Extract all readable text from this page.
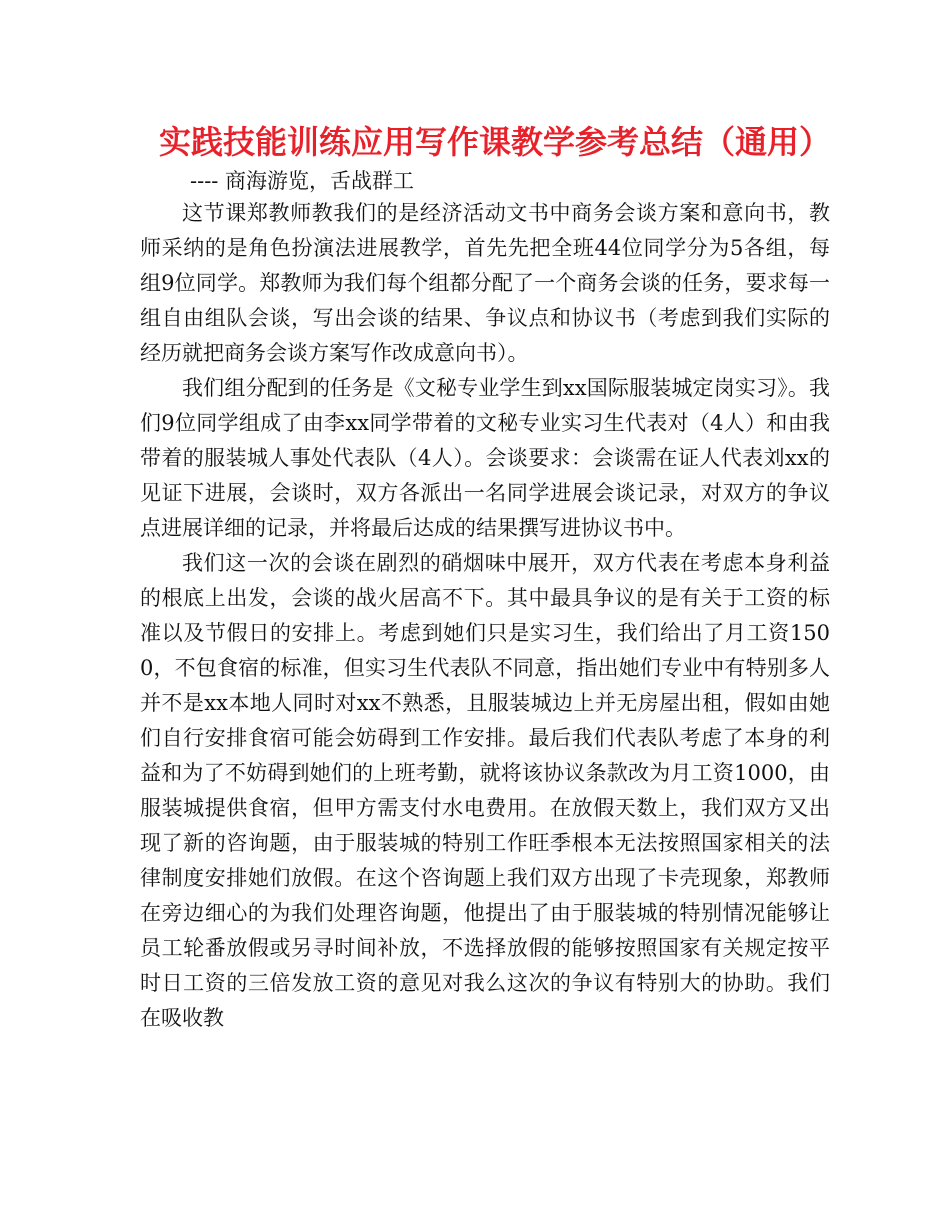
实践技能训练应用写作课教学参考总结（通用）

---- 商海游览，舌战群工

这节课郑教师教我们的是经济活动文书中商务会谈方案和意向书，教师采纳的是角色扮演法进展教学，首先先把全班44位同学分为5各组，每组9位同学。郑教师为我们每个组都分配了一个商务会谈的任务，要求每一组自由组队会谈，写出会谈的结果、争议点和协议书（考虑到我们实际的经历就把商务会谈方案写作改成意向书）。

我们组分配到的任务是《文秘专业学生到xx国际服装城定岗实习》。我们9位同学组成了由李xx同学带着的文秘专业实习生代表对（4人）和由我带着的服装城人事处代表队（4人）。会谈要求：会谈需在证人代表刘xx的见证下进展，会谈时，双方各派出一名同学进展会谈记录，对双方的争议点进展详细的记录，并将最后达成的结果撰写进协议书中。

我们这一次的会谈在剧烈的硝烟味中展开，双方代表在考虑本身利益的根底上出发，会谈的战火居高不下。其中最具争议的是有关于工资的标准以及节假日的安排上。考虑到她们只是实习生，我们给出了月工资1500，不包食宿的标准，但实习生代表队不同意，指出她们专业中有特别多人并不是xx本地人同时对xx不熟悉，且服装城边上并无房屋出租，假如由她们自行安排食宿可能会妨碍到工作安排。最后我们代表队考虑了本身的利益和为了不妨碍到她们的上班考勤，就将该协议条款改为月工资1000，由服装城提供食宿，但甲方需支付水电费用。在放假天数上，我们双方又出现了新的咨询题，由于服装城的特别工作旺季根本无法按照国家相关的法律制度安排她们放假。在这个咨询题上我们双方出现了卡壳现象，郑教师在旁边细心的为我们处理咨询题，他提出了由于服装城的特别情况能够让员工轮番放假或另寻时间补放，不选择放假的能够按照国家有关规定按平时日工资的三倍发放工资的意见对我么这次的争议有特别大的协助。我们在吸收教
